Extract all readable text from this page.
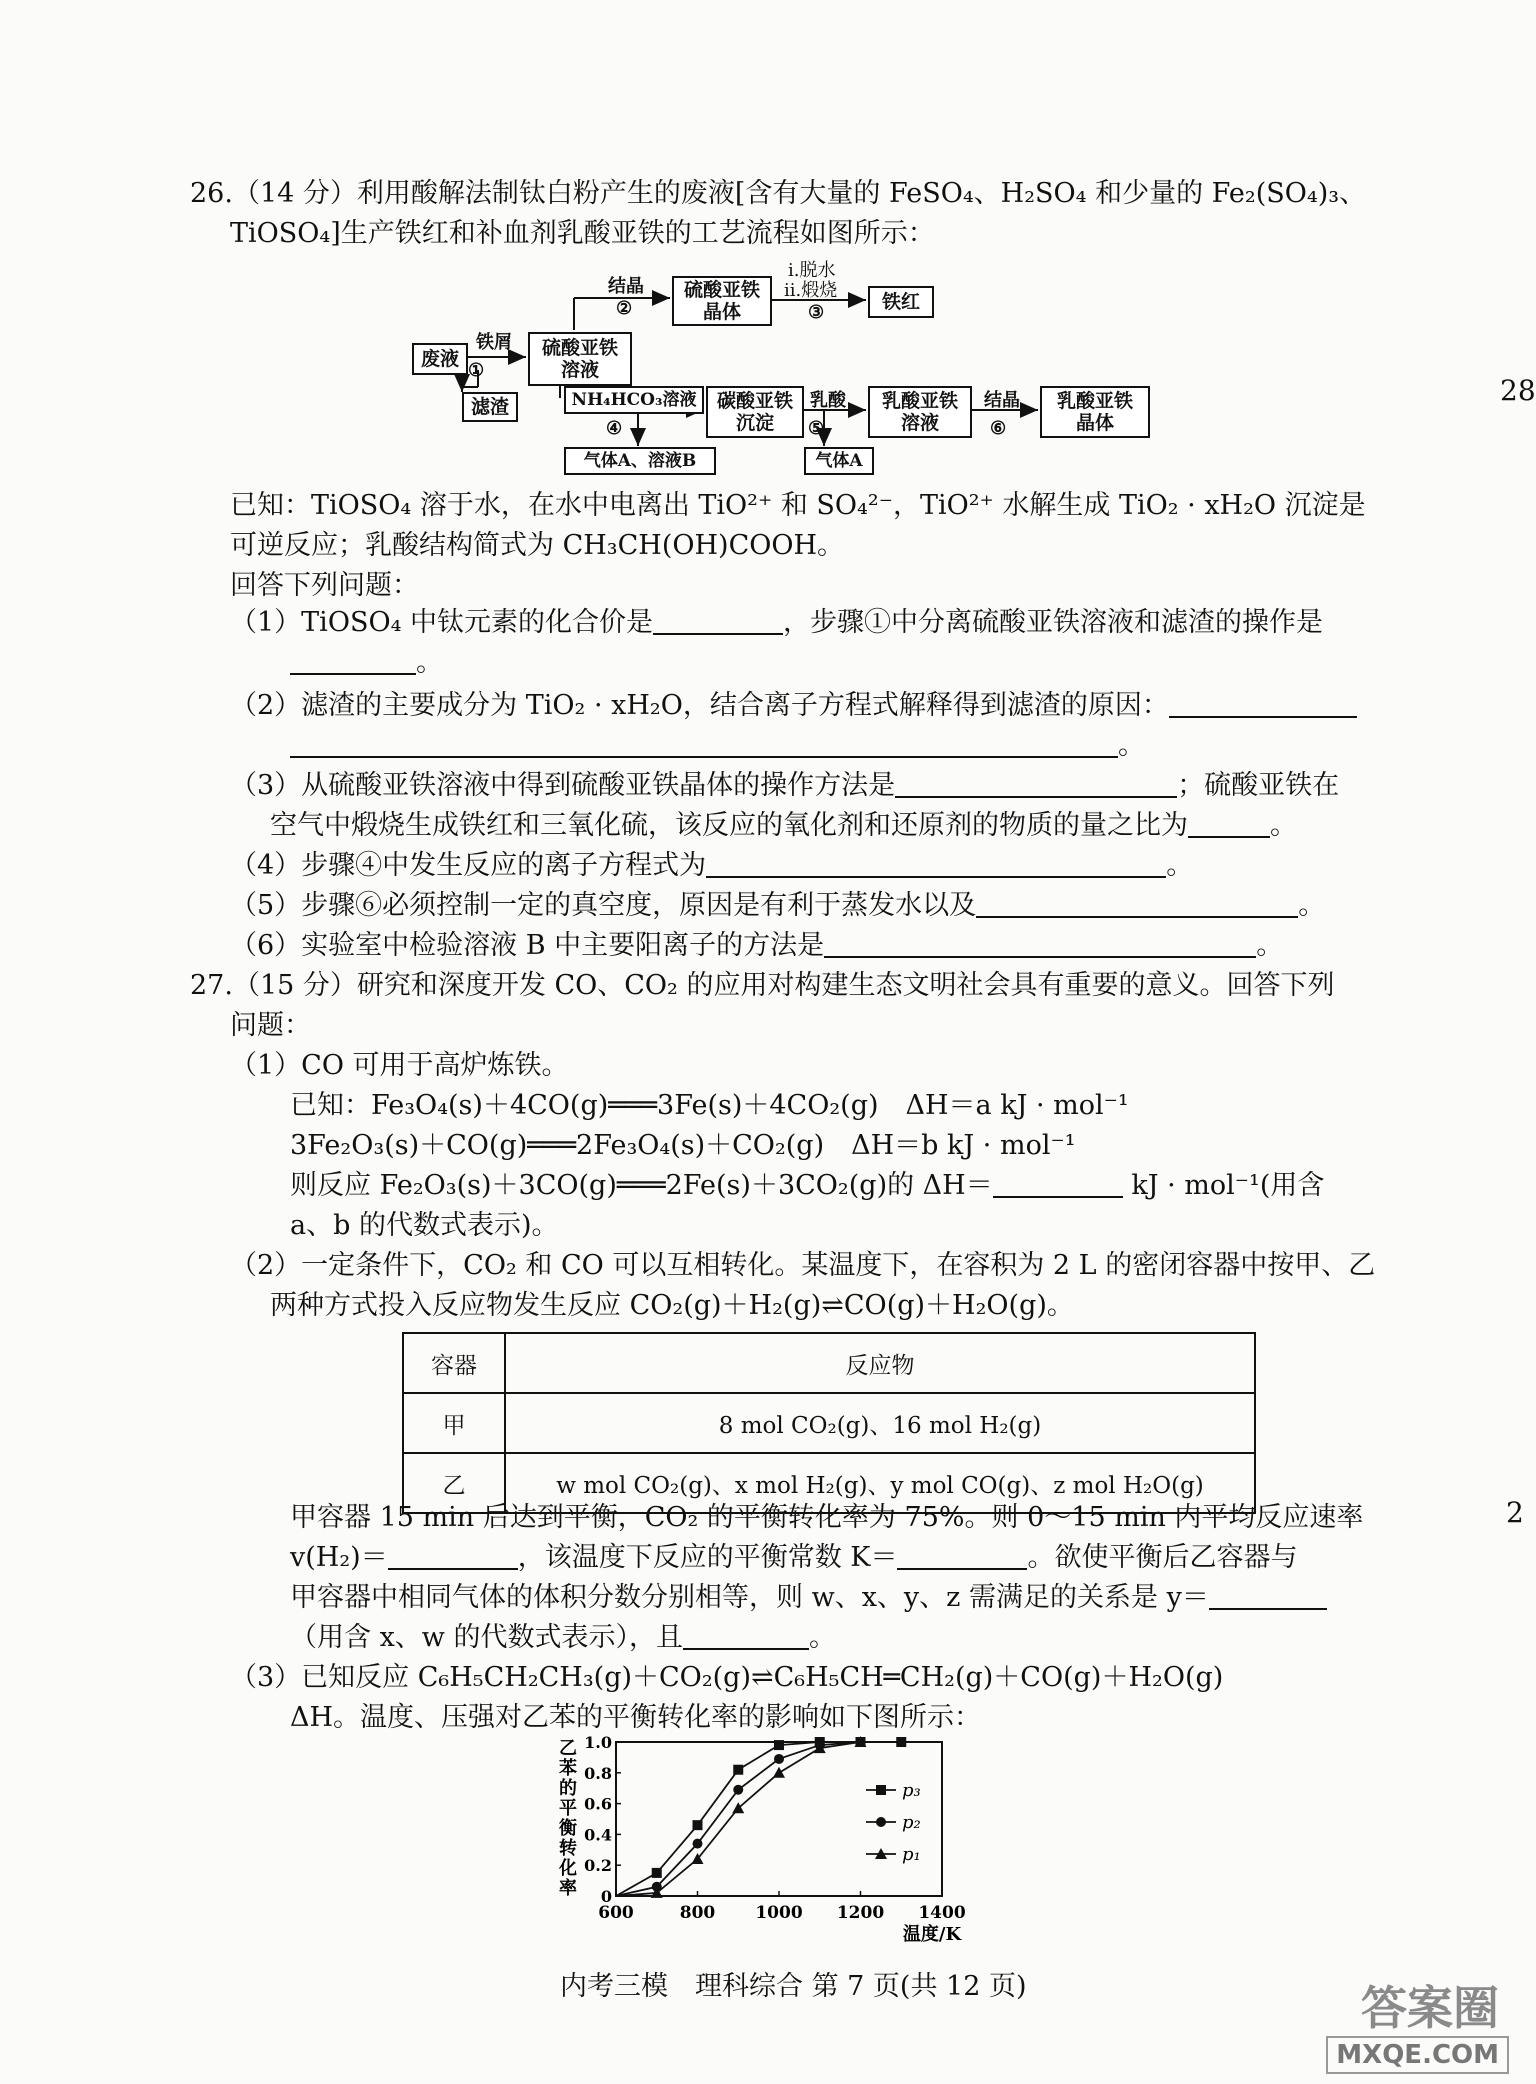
26.（14 分）利用酸解法制钛白粉产生的废液[含有大量的 FeSO₄、H₂SO₄ 和少量的 Fe₂(SO₄)₃、
TiOSO₄]生产铁红和补血剂乳酸亚铁的工艺流程如图所示：
废液
铁屑
①
滤渣
硫酸亚铁
溶液
结晶
②
硫酸亚铁
晶体
i.脱水
ii.煅烧
③	铁红
NH₄HCO₃溶液
④
气体A、溶液B
碳酸亚铁
沉淀
乳酸
⑤
气体A
乳酸亚铁
溶液
结晶
⑥
乳酸亚铁
晶体
已知：TiOSO₄ 溶于水，在水中电离出 TiO²⁺ 和 SO₄²⁻，TiO²⁺ 水解生成 TiO₂ · xH₂O 沉淀是
可逆反应；乳酸结构简式为 CH₃CH(OH)COOH。
回答下列问题：
（1）TiOSO₄ 中钛元素的化合价是	，步骤①中分离硫酸亚铁溶液和滤渣的操作是
。
（2）滤渣的主要成分为 TiO₂ · xH₂O，结合离子方程式解释得到滤渣的原因：
。
（3）从硫酸亚铁溶液中得到硫酸亚铁晶体的操作方法是	；硫酸亚铁在
空气中煅烧生成铁红和三氧化硫，该反应的氧化剂和还原剂的物质的量之比为	。
（4）步骤④中发生反应的离子方程式为	。
（5）步骤⑥必须控制一定的真空度，原因是有利于蒸发水以及	。
（6）实验室中检验溶液 B 中主要阳离子的方法是	。
27.（15 分）研究和深度开发 CO、CO₂ 的应用对构建生态文明社会具有重要的意义。回答下列
问题：
（1）CO 可用于高炉炼铁。
已知：Fe₃O₄(s)＋4CO(g)═══3Fe(s)＋4CO₂(g)　ΔH＝a kJ · mol⁻¹
3Fe₂O₃(s)＋CO(g)═══2Fe₃O₄(s)＋CO₂(g)　ΔH＝b kJ · mol⁻¹
则反应 Fe₂O₃(s)＋3CO(g)═══2Fe(s)＋3CO₂(g)的 ΔH＝	kJ · mol⁻¹(用含
a、b 的代数式表示)。
（2）一定条件下，CO₂ 和 CO 可以互相转化。某温度下，在容积为 2 L 的密闭容器中按甲、乙
两种方式投入反应物发生反应 CO₂(g)＋H₂(g)⇌CO(g)＋H₂O(g)。
容器	反应物
甲	8 mol CO₂(g)、16 mol H₂(g)
乙	w mol CO₂(g)、x mol H₂(g)、y mol CO(g)、z mol H₂O(g)
甲容器 15 min 后达到平衡，CO₂ 的平衡转化率为 75%。则 0～15 min 内平均反应速率
v(H₂)＝	，该温度下反应的平衡常数 K＝	。欲使平衡后乙容器与
甲容器中相同气体的体积分数分别相等，则 w、x、y、z 需满足的关系是 y＝
（用含 x、w 的代数式表示），且	。
（3）已知反应 C₆H₅CH₂CH₃(g)＋CO₂(g)⇌C₆H₅CH═CH₂(g)＋CO(g)＋H₂O(g)
ΔH。温度、压强对乙苯的平衡转化率的影响如下图所示：
600	800 1000 1200 1400
0
0.2
0.4
0.6
0.8
1.0
乙
苯
的
平
衡
转
化
率
温度/K
p₃
p₂
p₁
内考三模　理科综合 第 7 页(共 12 页)
28
2
答案圈
MXQE.COM
